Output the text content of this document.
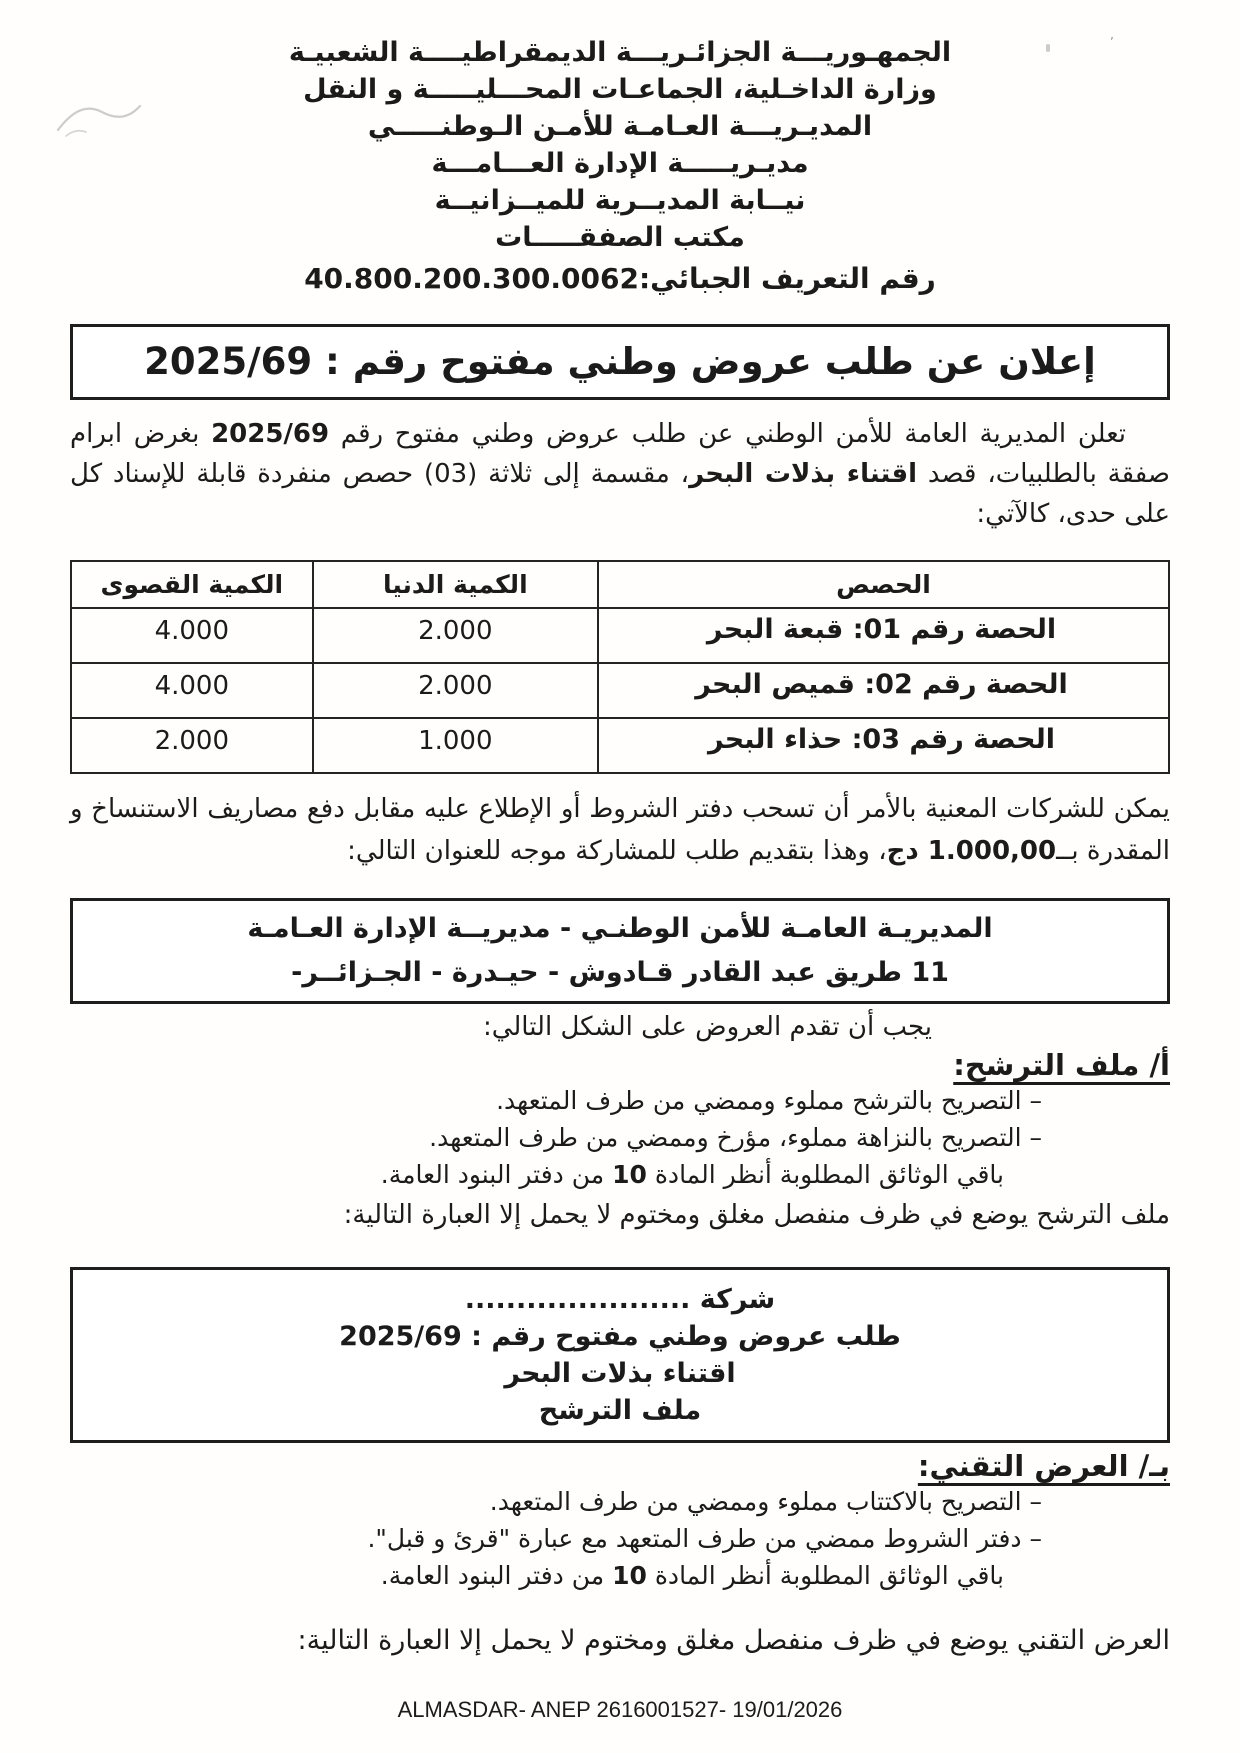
’
الجمهـوريـــة الجزائـريـــة الديمقراطيــــة الشعبيـة
وزارة الداخـلية، الجماعـات المحـــليـــــة و النقل
المديـريـــة العـامـة للأمـن الـوطنـــــي
مديـريـــــة الإدارة العـــامـــة
نيــابة المديــرية للميــزانيــة
مكتب الصفقـــــات
رقم التعريف الجبائي:40.800.200.300.0062
إعلان عن طلب عروض وطني مفتوح رقم : 2025/69

تعلن المديرية العامة للأمن الوطني عن طلب عروض وطني مفتوح رقم 2025/69 بغرض ابرام صفقة بالطلبيات، قصد اقتناء بذلات البحر، مقسمة إلى ثلاثة (03) حصص منفردة قابلة للإسناد كل على حدى، كالآتي:

الحصص	الكمية الدنيا	الكمية القصوى
الحصة رقم 01: قبعة البحر	2.000	4.000
الحصة رقم 02: قميص البحر	2.000	4.000
الحصة رقم 03: حذاء البحر	1.000	2.000

يمكن للشركات المعنية بالأمر أن تسحب دفتر الشروط أو الإطلاع عليه مقابل دفع مصاريف الاستنساخ و المقدرة بــ1.000,00 دج، وهذا بتقديم طلب للمشاركة موجه للعنوان التالي:

المديريـة العامـة للأمن الوطنـي - مديريــة الإدارة العـامـة
11 طريق عبد القادر قـادوش - حيـدرة - الجـزائــر-
يجب أن تقدم العروض على الشكل التالي:
أ/ ملف الترشح:
– التصريح بالترشح مملوء وممضي من طرف المتعهد.
– التصريح بالنزاهة مملوء، مؤرخ وممضي من طرف المتعهد.
باقي الوثائق المطلوبة أنظر المادة 10 من دفتر البنود العامة.
ملف الترشح يوضع في ظرف منفصل مغلق ومختوم لا يحمل إلا العبارة التالية:
شركة ......................
طلب عروض وطني مفتوح رقم : 2025/69
اقتناء بذلات البحر
ملف الترشح
بـ/ العرض التقني:
– التصريح بالاكتتاب مملوء وممضي من طرف المتعهد.
– دفتر الشروط ممضي من طرف المتعهد مع عبارة "قرئ و قبل".
باقي الوثائق المطلوبة أنظر المادة 10 من دفتر البنود العامة.
العرض التقني يوضع في ظرف منفصل مغلق ومختوم لا يحمل إلا العبارة التالية:
ALMASDAR- ANEP 2616001527- 19/01/2026
